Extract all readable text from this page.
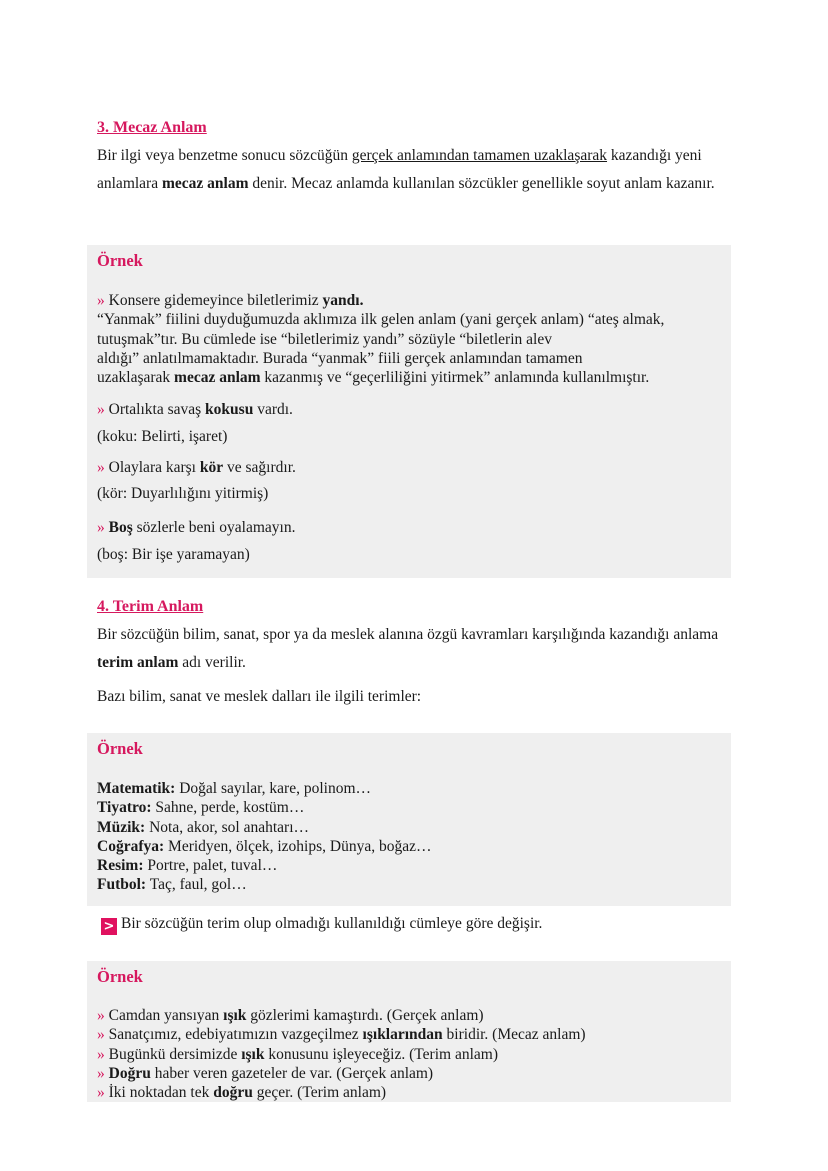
3. Mecaz Anlam
Bir ilgi veya benzetme sonucu sözcüğün gerçek anlamından tamamen uzaklaşarak kazandığı yeni anlamlara mecaz anlam denir. Mecaz anlamda kullanılan sözcükler genellikle soyut anlam kazanır.
Örnek
» Konsere gidemeyince biletlerimiz yandı.
“Yanmak” fiilini duyduğumuzda aklımıza ilk gelen anlam (yani gerçek anlam) “ateş almak,
tutuşmak”tır. Bu cümlede ise “biletlerimiz yandı” sözüyle “biletlerin alev
aldığı” anlatılmamaktadır. Burada “yanmak” fiili gerçek anlamından tamamen
uzaklaşarak mecaz anlam kazanmış ve “geçerliliğini yitirmek” anlamında kullanılmıştır.
» Ortalıkta savaş kokusu vardı.
(koku: Belirti, işaret)
» Olaylara karşı kör ve sağırdır.
(kör: Duyarlılığını yitirmiş)
» Boş sözlerle beni oyalamayın.
(boş: Bir işe yaramayan)
4. Terim Anlam
Bir sözcüğün bilim, sanat, spor ya da meslek alanına özgü kavramları karşılığında kazandığı anlama terim anlam adı verilir.
Bazı bilim, sanat ve meslek dalları ile ilgili terimler:
Örnek
Matematik: Doğal sayılar, kare, polinom…
Tiyatro: Sahne, perde, kostüm…
Müzik: Nota, akor, sol anahtarı…
Coğrafya: Meridyen, ölçek, izohips, Dünya, boğaz…
Resim: Portre, palet, tuval…
Futbol: Taç, faul, gol…
> Bir sözcüğün terim olup olmadığı kullanıldığı cümleye göre değişir.
Örnek
» Camdan yansıyan ışık gözlerimi kamaştırdı. (Gerçek anlam)
» Sanatçımız, edebiyatımızın vazgeçilmez ışıklarından biridir. (Mecaz anlam)
» Bugünkü dersimizde ışık konusunu işleyeceğiz. (Terim anlam)
» Doğru haber veren gazeteler de var. (Gerçek anlam)
» İki noktadan tek doğru geçer. (Terim anlam)
